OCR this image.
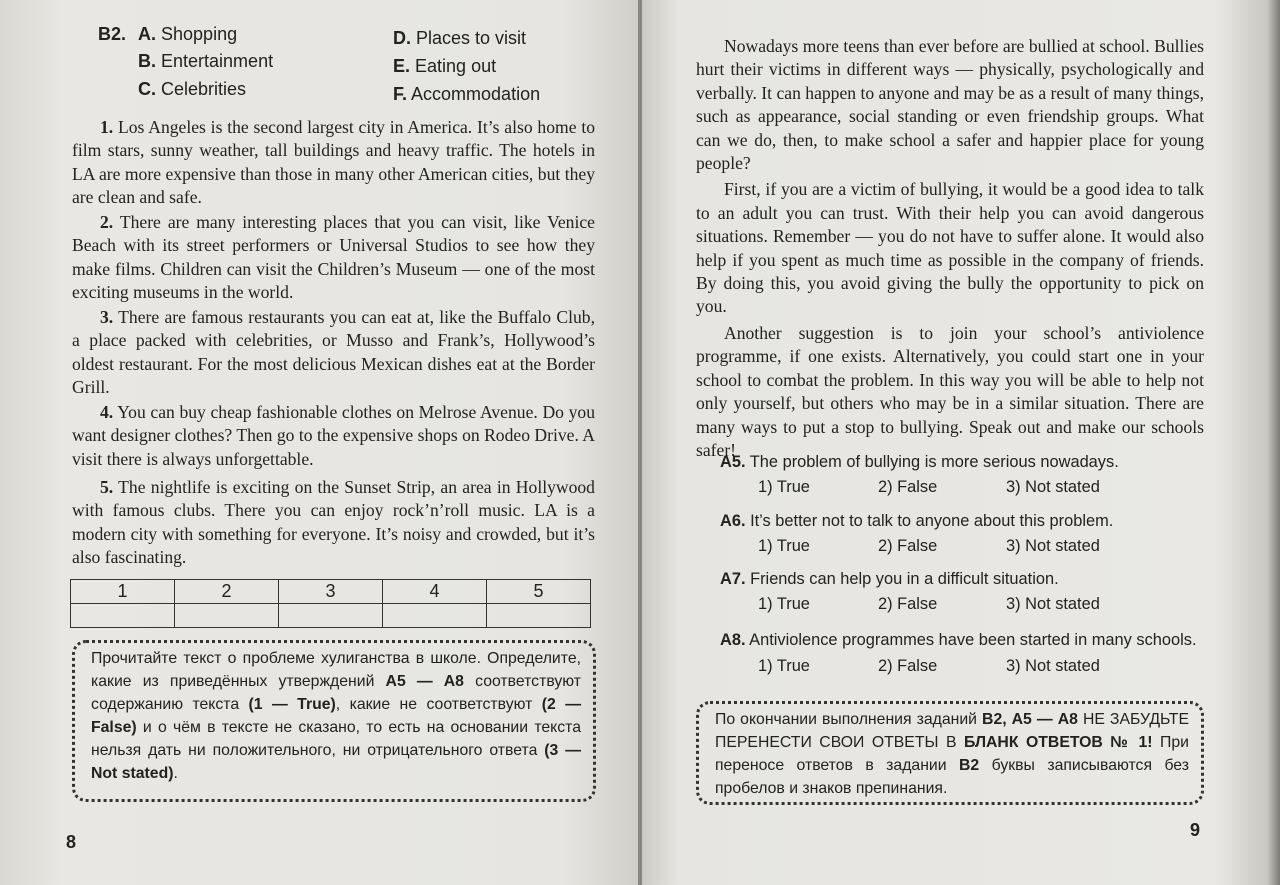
B2. A. Shopping
B. Entertainment
C. Celebrities
D. Places to visit
E. Eating out
F. Accommodation

1. Los Angeles is the second largest city in America. It’s also home to film stars, sunny weather, tall buildings and heavy traffic. The hotels in LA are more expensive than those in many other American cities, but they are clean and safe.

2. There are many interesting places that you can visit, like Venice Beach with its street performers or Universal Studios to see how they make films. Children can visit the Children’s Museum — one of the most exciting museums in the world.

3. There are famous restaurants you can eat at, like the Buffalo Club, a place packed with celebrities, or Musso and Frank’s, Hollywood’s oldest restaurant. For the most delicious Mexican dishes eat at the Border Grill.

4. You can buy cheap fashionable clothes on Melrose Avenue. Do you want designer clothes? Then go to the expensive shops on Rodeo Drive. A visit there is always unforgettable.

5. The nightlife is exciting on the Sunset Strip, an area in Hollywood with famous clubs. There you can enjoy rock’n’roll music. LA is a modern city with something for everyone. It’s noisy and crowded, but it’s also fascinating.

1	2	3	4	5

Прочитайте текст о проблеме хулиганства в школе. Определите, какие из приведённых утверждений А5 — А8 соответствуют содержанию текста (1 — True), какие не соответствуют (2 — False) и о чём в тексте не сказано, то есть на основании текста нельзя дать ни положительного, ни отрицательного ответа (3 — Not stated).
8

Nowadays more teens than ever before are bullied at school. Bullies hurt their victims in different ways — physically, psychologically and verbally. It can happen to anyone and may be as a result of many things, such as appearance, social standing or even friendship groups. What can we do, then, to make school a safer and happier place for young people?

First, if you are a victim of bullying, it would be a good idea to talk to an adult you can trust. With their help you can avoid dangerous situations. Remember — you do not have to suffer alone. It would also help if you spent as much time as possible in the company of friends. By doing this, you avoid giving the bully the opportunity to pick on you.

Another suggestion is to join your school’s antiviolence programme, if one exists. Alternatively, you could start one in your school to combat the problem. In this way you will be able to help not only yourself, but others who may be in a similar situation. There are many ways to put a stop to bullying. Speak out and make our schools safer!

A5. The problem of bullying is more serious nowadays.
1) True	2) False	3) Not stated
A6. It’s better not to talk to anyone about this problem.
1) True	2) False	3) Not stated
A7. Friends can help you in a difficult situation.
1) True	2) False	3) Not stated
A8. Antiviolence programmes have been started in many schools.
1) True	2) False	3) Not stated
По окончании выполнения заданий В2, А5 — А8 НЕ ЗАБУДЬТЕ ПЕРЕНЕСТИ СВОИ ОТВЕТЫ В БЛАНК ОТВЕТОВ № 1! При переносе ответов в задании В2 буквы записываются без пробелов и знаков препинания.
9
